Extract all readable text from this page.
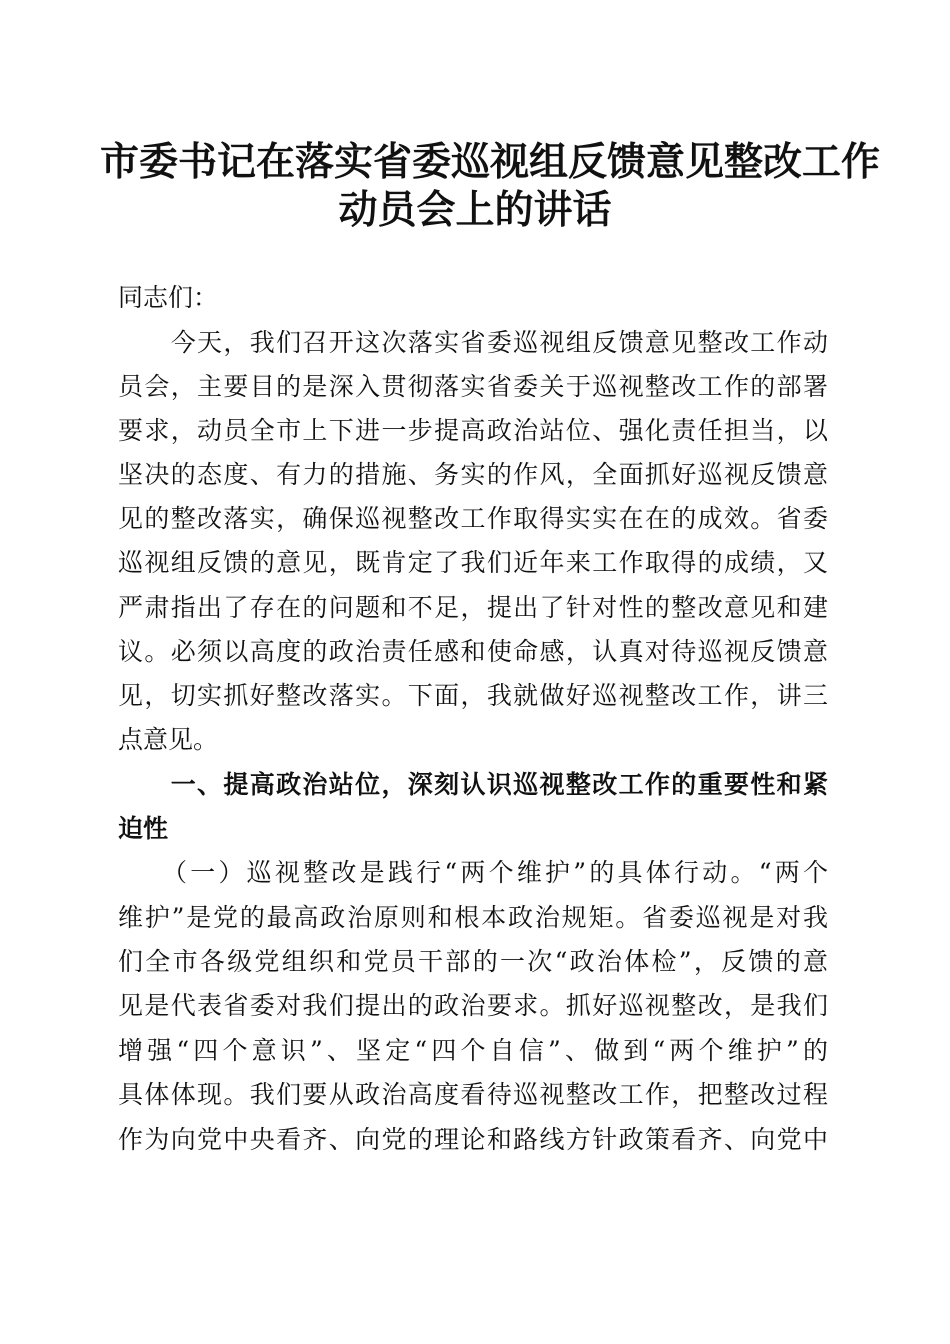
市委书记在落实省委巡视组反馈意见整改工作
动员会上的讲话

同志们：

　　今天，我们召开这次落实省委巡视组反馈意见整改工作动

员会，主要目的是深入贯彻落实省委关于巡视整改工作的部署

要求，动员全市上下进一步提高政治站位、强化责任担当，以

坚决的态度、有力的措施、务实的作风，全面抓好巡视反馈意

见的整改落实，确保巡视整改工作取得实实在在的成效。省委

巡视组反馈的意见，既肯定了我们近年来工作取得的成绩，又

严肃指出了存在的问题和不足，提出了针对性的整改意见和建

议。必须以高度的政治责任感和使命感，认真对待巡视反馈意

见，切实抓好整改落实。下面，我就做好巡视整改工作，讲三

点意见。

　　一、提高政治站位，深刻认识巡视整改工作的重要性和紧

迫性

　　（一）巡视整改是践行“两个维护”的具体行动。“两个

维护”是党的最高政治原则和根本政治规矩。省委巡视是对我

们全市各级党组织和党员干部的一次“政治体检”，反馈的意

见是代表省委对我们提出的政治要求。抓好巡视整改，是我们

增强“四个意识”、坚定“四个自信”、做到“两个维护”的

具体体现。我们要从政治高度看待巡视整改工作，把整改过程

作为向党中央看齐、向党的理论和路线方针政策看齐、向党中
